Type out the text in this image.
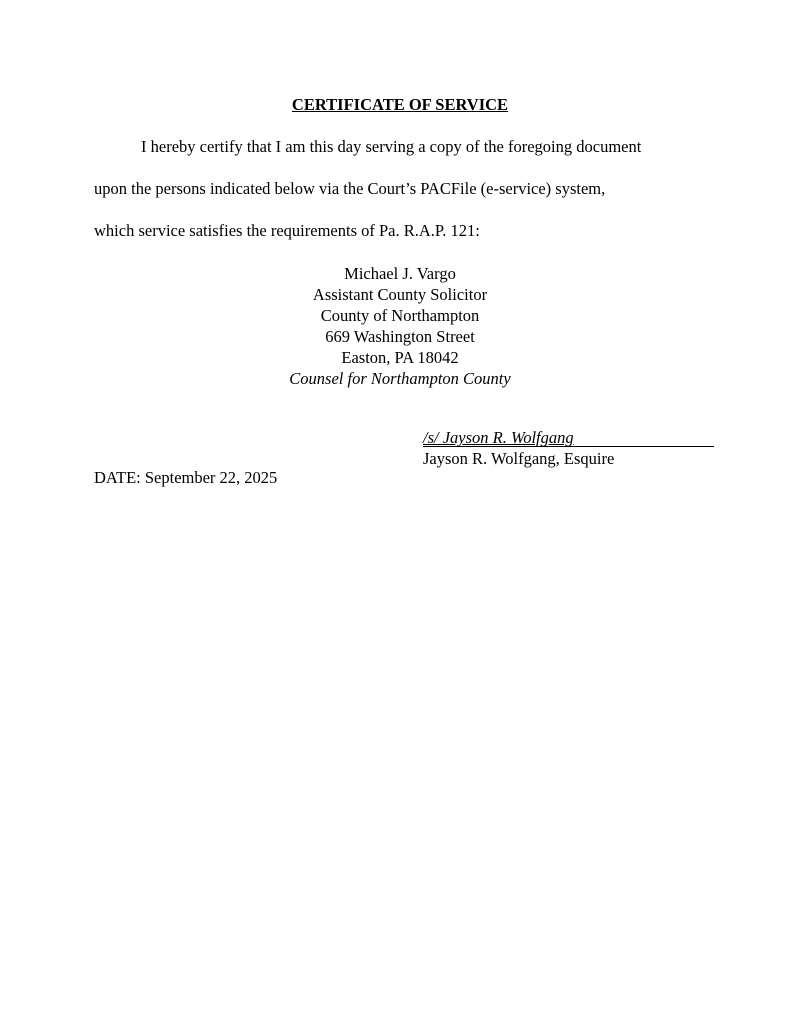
CERTIFICATE OF SERVICE
I hereby certify that I am this day serving a copy of the foregoing document
upon the persons indicated below via the Court’s PACFile (e-service) system,
which service satisfies the requirements of Pa. R.A.P. 121:
Michael J. Vargo
Assistant County Solicitor
County of Northampton
669 Washington Street
Easton, PA 18042
Counsel for Northampton County
/s/ Jayson R. Wolfgang
Jayson R. Wolfgang, Esquire
DATE: September 22, 2025
